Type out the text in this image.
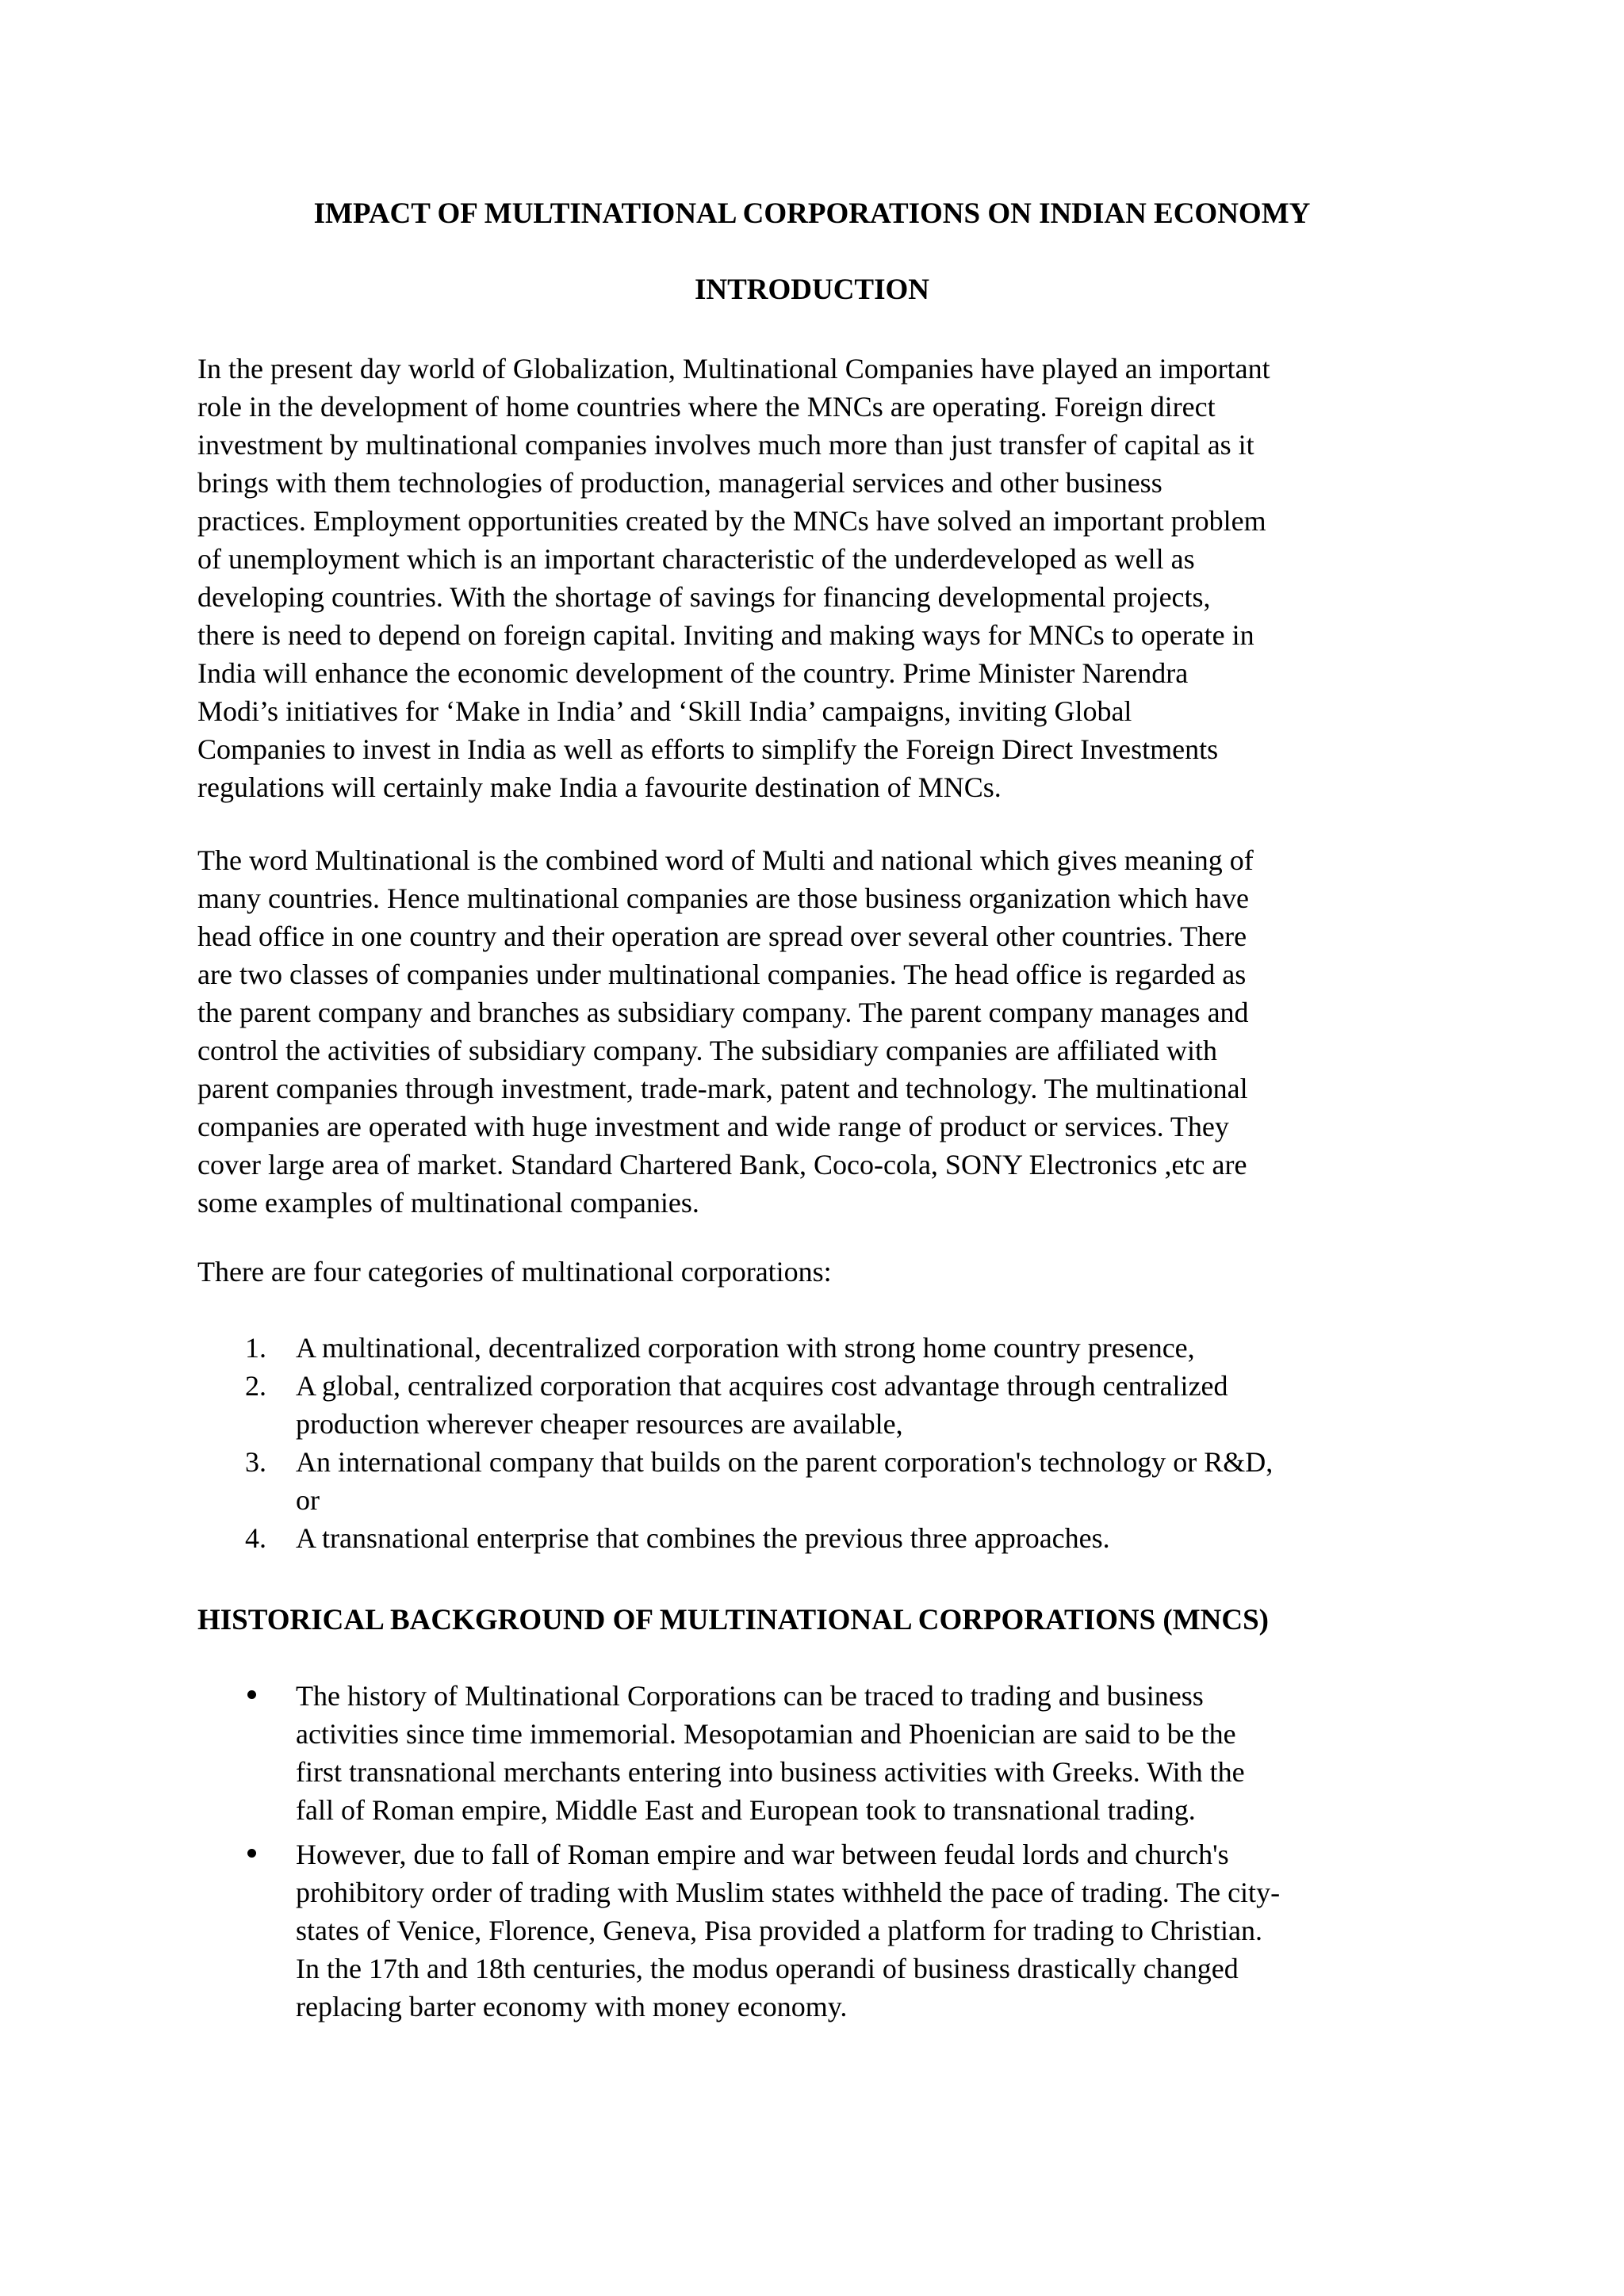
IMPACT OF MULTINATIONAL CORPORATIONS ON INDIAN ECONOMY
INTRODUCTION
In the present day world of Globalization, Multinational Companies have played an important
role in the development of home countries where the MNCs are operating. Foreign direct
investment by multinational companies involves much more than just transfer of capital as it
brings with them technologies of production, managerial services and other business
practices. Employment opportunities created by the MNCs have solved an important problem
of unemployment which is an important characteristic of the underdeveloped as well as
developing countries. With the shortage of savings for financing developmental projects,
there is need to depend on foreign capital. Inviting and making ways for MNCs to operate in
India will enhance the economic development of the country. Prime Minister Narendra
Modi’s initiatives for ‘Make in India’ and ‘Skill India’ campaigns, inviting Global
Companies to invest in India as well as efforts to simplify the Foreign Direct Investments
regulations will certainly make India a favourite destination of MNCs.
The word Multinational is the combined word of Multi and national which gives meaning of
many countries. Hence multinational companies are those business organization which have
head office in one country and their operation are spread over several other countries. There
are two classes of companies under multinational companies. The head office is regarded as
the parent company and branches as subsidiary company. The parent company manages and
control the activities of subsidiary company. The subsidiary companies are affiliated with
parent companies through investment, trade-mark, patent and technology. The multinational
companies are operated with huge investment and wide range of product or services. They
cover large area of market. Standard Chartered Bank, Coco-cola, SONY Electronics ,etc are
some examples of multinational companies.
There are four categories of multinational corporations:
1. A multinational, decentralized corporation with strong home country presence,
2. A global, centralized corporation that acquires cost advantage through centralized
production wherever cheaper resources are available,
3. An international company that builds on the parent corporation's technology or R&D,
or
4. A transnational enterprise that combines the previous three approaches.
HISTORICAL BACKGROUND OF MULTINATIONAL CORPORATIONS (MNCS)
The history of Multinational Corporations can be traced to trading and business
activities since time immemorial. Mesopotamian and Phoenician are said to be the
first transnational merchants entering into business activities with Greeks. With the
fall of Roman empire, Middle East and European took to transnational trading.
However, due to fall of Roman empire and war between feudal lords and church's
prohibitory order of trading with Muslim states withheld the pace of trading. The city-
states of Venice, Florence, Geneva, Pisa provided a platform for trading to Christian.
In the 17th and 18th centuries, the modus operandi of business drastically changed
replacing barter economy with money economy.
